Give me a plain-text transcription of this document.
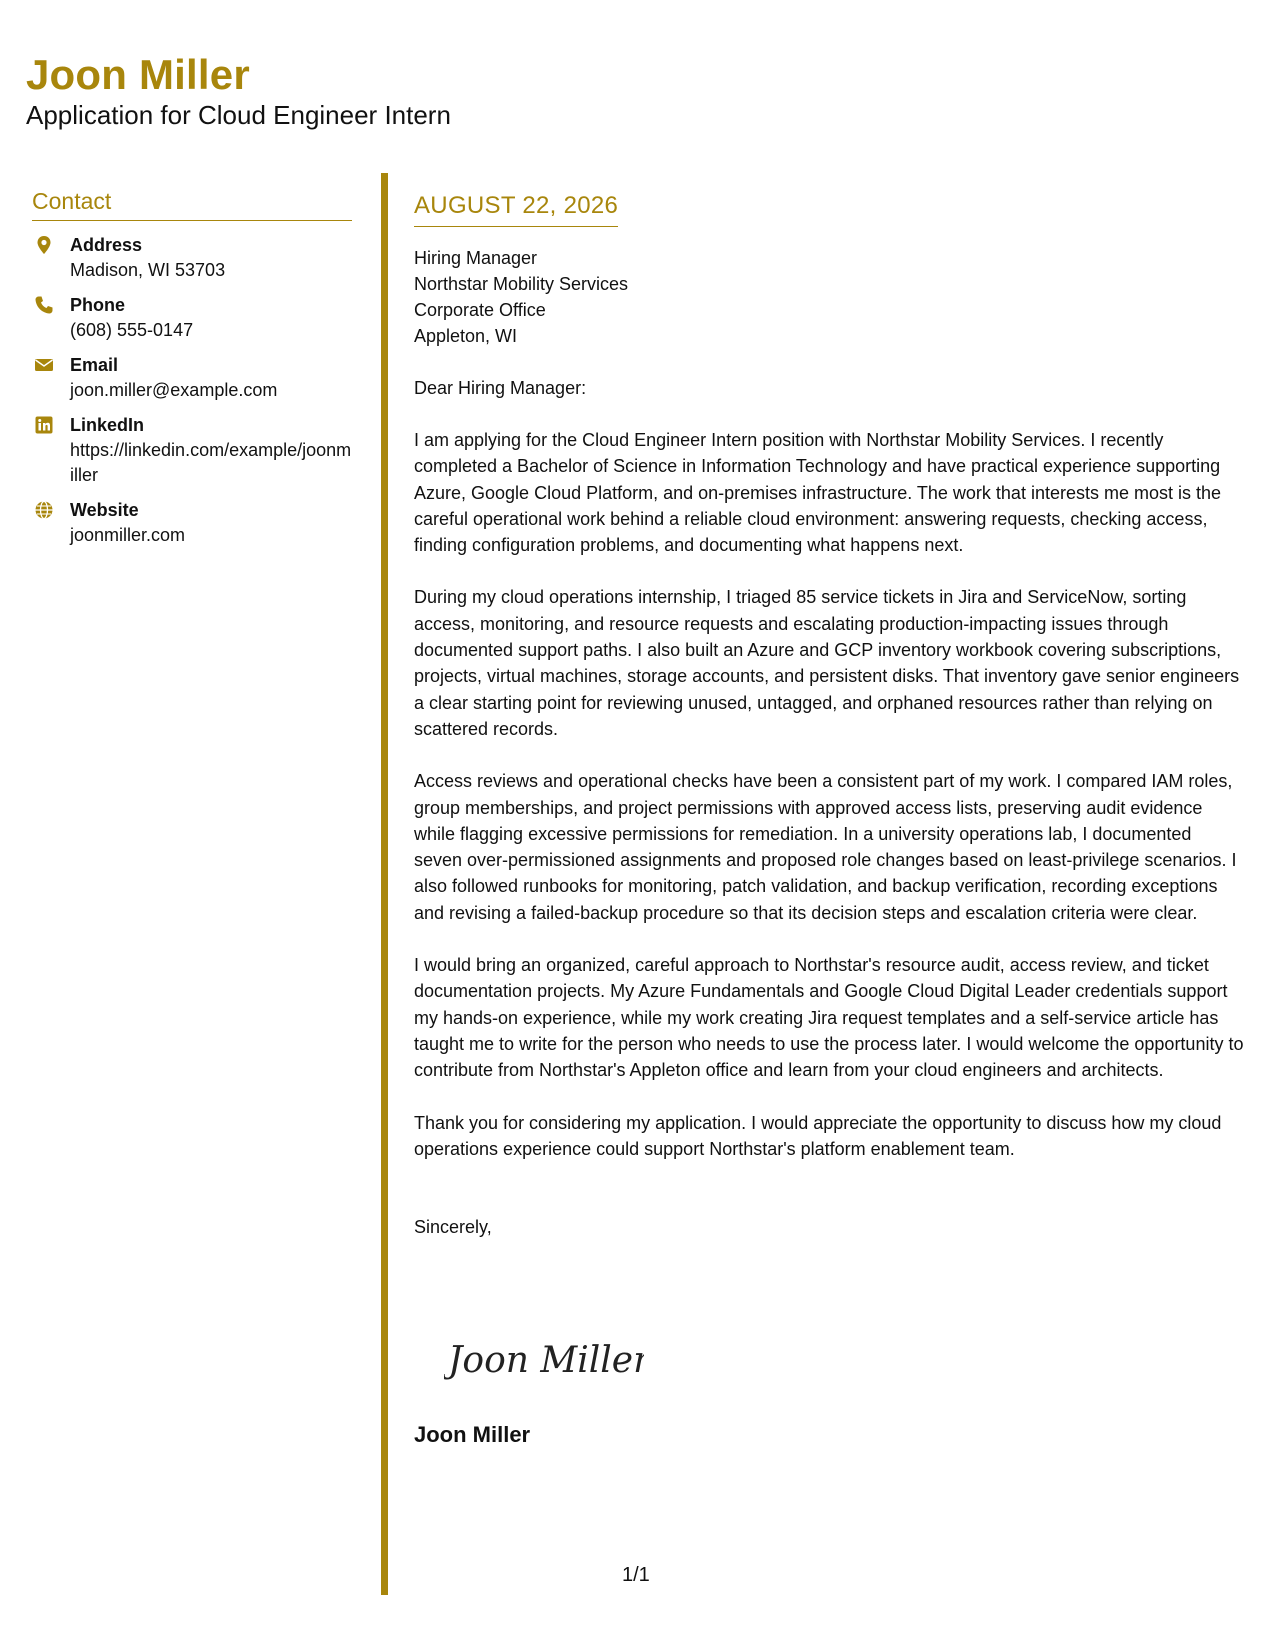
Joon Miller
Application for Cloud Engineer Intern
Contact
Address
Madison, WI 53703
Phone
(608) 555-0147
Email
joon.miller@example.com
LinkedIn
https://linkedin.com/example/joonmiller
Website
joonmiller.com
AUGUST 22, 2026
Hiring Manager
Northstar Mobility Services
Corporate Office
Appleton, WI
Dear Hiring Manager:
I am applying for the Cloud Engineer Intern position with Northstar Mobility Services. I recently completed a Bachelor of Science in Information Technology and have practical experience supporting Azure, Google Cloud Platform, and on-premises infrastructure. The work that interests me most is the careful operational work behind a reliable cloud environment: answering requests, checking access, finding configuration problems, and documenting what happens next.
During my cloud operations internship, I triaged 85 service tickets in Jira and ServiceNow, sorting access, monitoring, and resource requests and escalating production-impacting issues through documented support paths. I also built an Azure and GCP inventory workbook covering subscriptions, projects, virtual machines, storage accounts, and persistent disks. That inventory gave senior engineers a clear starting point for reviewing unused, untagged, and orphaned resources rather than relying on scattered records.
Access reviews and operational checks have been a consistent part of my work. I compared IAM roles, group memberships, and project permissions with approved access lists, preserving audit evidence while flagging excessive permissions for remediation. In a university operations lab, I documented seven over-permissioned assignments and proposed role changes based on least-privilege scenarios. I also followed runbooks for monitoring, patch validation, and backup verification, recording exceptions and revising a failed-backup procedure so that its decision steps and escalation criteria were clear.
I would bring an organized, careful approach to Northstar's resource audit, access review, and ticket documentation projects. My Azure Fundamentals and Google Cloud Digital Leader credentials support my hands-on experience, while my work creating Jira request templates and a self-service article has taught me to write for the person who needs to use the process later. I would welcome the opportunity to contribute from Northstar's Appleton office and learn from your cloud engineers and architects.
Thank you for considering my application. I would appreciate the opportunity to discuss how my cloud operations experience could support Northstar's platform enablement team.
Sincerely,
Joon Miller
Joon Miller
1/1
